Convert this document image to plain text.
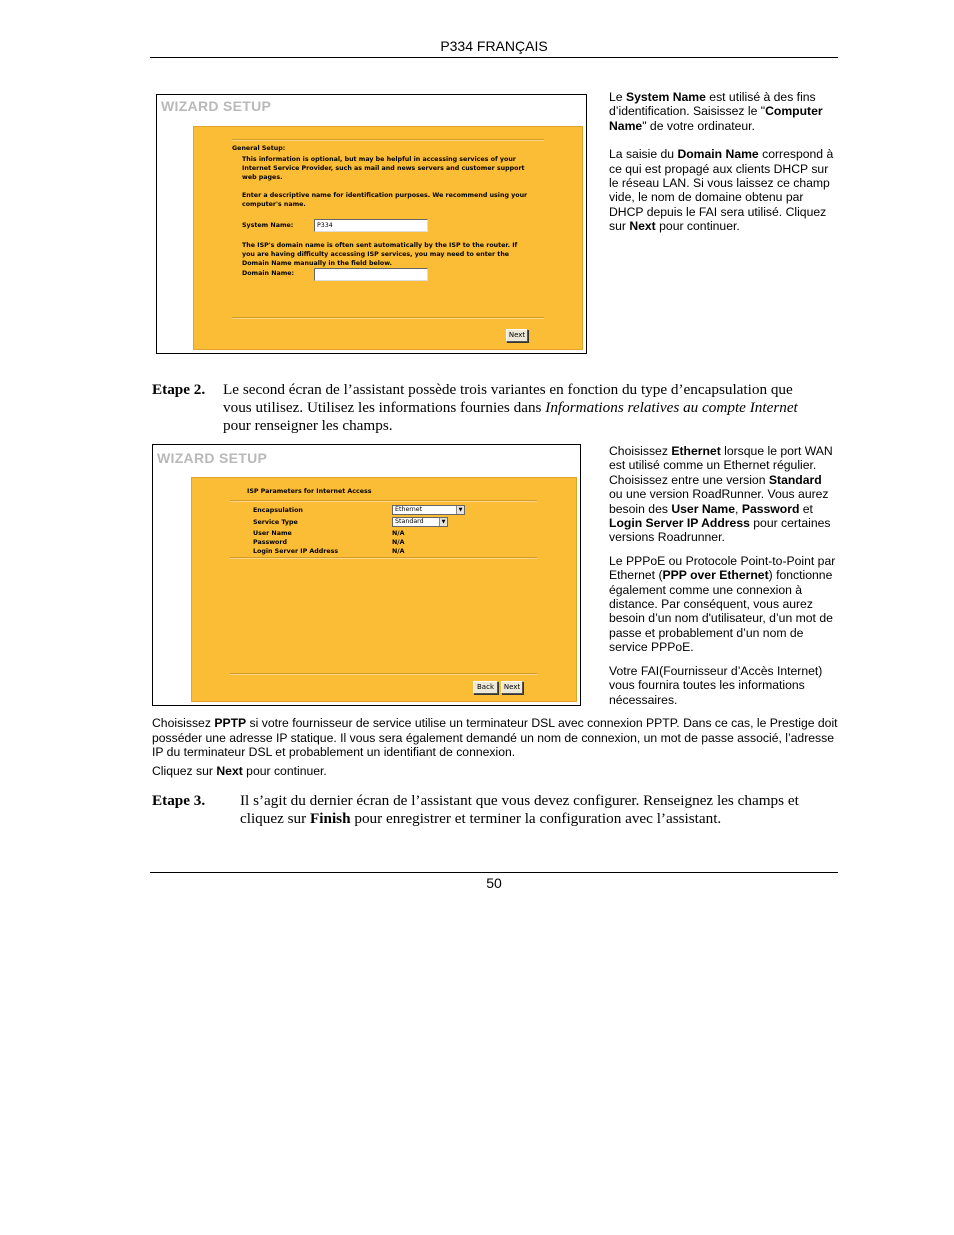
P334 FRANÇAIS
WIZARD SETUP
General Setup:
This information is optional, but may be helpful in accessing services of your
Internet Service Provider, such as mail and news servers and customer support
web pages.
Enter a descriptive name for identification purposes. We recommend using your
computer's name.
System Name:	P334
The ISP's domain name is often sent automatically by the ISP to the router. If
you are having difficulty accessing ISP services, you may need to enter the
Domain Name manually in the field below.
Domain Name:
Next
Le System Name est utilisé à des fins d’identification. Saisissez le "Computer Name" de votre ordinateur.
La saisie du Domain Name correspond à ce qui est propagé aux clients DHCP sur le réseau LAN. Si vous laissez ce champ vide, le nom de domaine obtenu par DHCP depuis le FAI sera utilisé. Cliquez sur Next pour continuer.
Etape 2. Le second écran de l’assistant possède trois variantes en fonction du type d’encapsulation que vous utilisez. Utilisez les informations fournies dans Informations relatives au compte Internet pour renseigner les champs.
WIZARD SETUP
ISP Parameters for Internet Access
Encapsulation	Ethernet	▼
Service Type	Standard	▼
User Name	N/A
Password	N/A
Login Server IP Address	N/A
Back	Next
Choisissez Ethernet lorsque le port WAN est utilisé comme un Ethernet régulier. Choisissez entre une version Standard ou une version RoadRunner. Vous aurez besoin des User Name, Password et Login Server IP Address pour certaines versions Roadrunner.
Le PPPoE ou Protocole Point-to-Point par Ethernet (PPP over Ethernet) fonctionne également comme une connexion à distance. Par conséquent, vous aurez besoin d’un nom d'utilisateur, d’un mot de passe et probablement d’un nom de service PPPoE.
Votre FAI(Fournisseur d’Accès Internet) vous fournira toutes les informations nécessaires.
Choisissez PPTP si votre fournisseur de service utilise un terminateur DSL avec connexion PPTP. Dans ce cas, le Prestige doit posséder une adresse IP statique. Il vous sera également demandé un nom de connexion, un mot de passe associé, l’adresse IP du terminateur DSL et probablement un identifiant de connexion.
Cliquez sur Next pour continuer.
Etape 3. Il s’agit du dernier écran de l’assistant que vous devez configurer. Renseignez les champs et cliquez sur Finish pour enregistrer et terminer la configuration avec l’assistant.
50
